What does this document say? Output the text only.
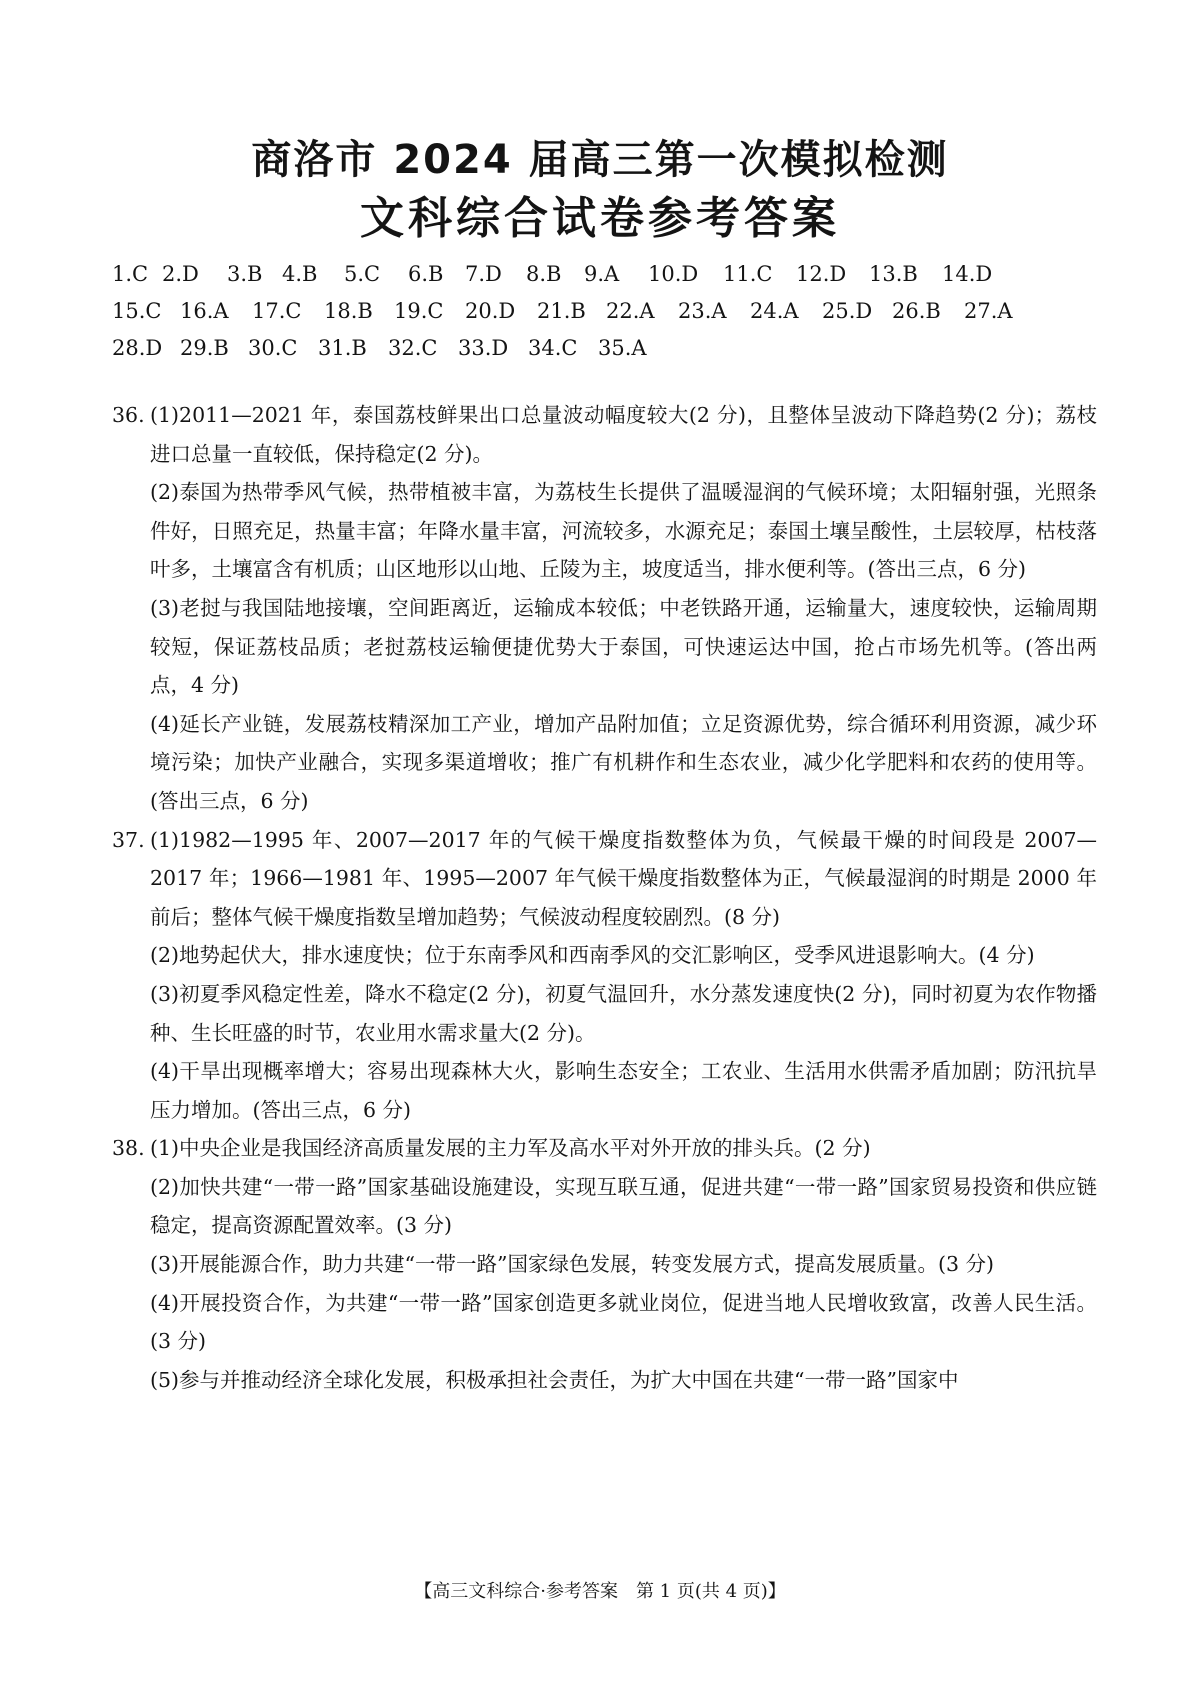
商洛市 2024 届高三第一次模拟检测
文科综合试卷参考答案
1.C 2.D 3.B 4.B 5.C 6.B 7.D 8.B 9.A 10.D 11.C 12.D 13.B 14.D
15.C 16.A 17.C 18.B 19.C 20.D 21.B 22.A 23.A 24.A 25.D 26.B 27.A
28.D 29.B 30.C 31.B 32.C 33.D 34.C 35.A
36. (1)2011—2021 年，泰国荔枝鲜果出口总量波动幅度较大(2 分)，且整体呈波动下降趋势(2 分)；荔枝进口总量一直较低，保持稳定(2 分)。

(2)泰国为热带季风气候，热带植被丰富，为荔枝生长提供了温暖湿润的气候环境；太阳辐射强，光照条件好，日照充足，热量丰富；年降水量丰富，河流较多，水源充足；泰国土壤呈酸性，土层较厚，枯枝落叶多，土壤富含有机质；山区地形以山地、丘陵为主，坡度适当，排水便利等。(答出三点，6 分)

(3)老挝与我国陆地接壤，空间距离近，运输成本较低；中老铁路开通，运输量大，速度较快，运输周期较短，保证荔枝品质；老挝荔枝运输便捷优势大于泰国，可快速运达中国，抢占市场先机等。(答出两点，4 分)

(4)延长产业链，发展荔枝精深加工产业，增加产品附加值；立足资源优势，综合循环利用资源，减少环境污染；加快产业融合，实现多渠道增收；推广有机耕作和生态农业，减少化学肥料和农药的使用等。(答出三点，6 分)

37. (1)1982—1995 年、2007—2017 年的气候干燥度指数整体为负，气候最干燥的时间段是 2007—2017 年；1966—1981 年、1995—2007 年气候干燥度指数整体为正，气候最湿润的时期是 2000 年前后；整体气候干燥度指数呈增加趋势；气候波动程度较剧烈。(8 分)

(2)地势起伏大，排水速度快；位于东南季风和西南季风的交汇影响区，受季风进退影响大。(4 分)

(3)初夏季风稳定性差，降水不稳定(2 分)，初夏气温回升，水分蒸发速度快(2 分)，同时初夏为农作物播种、生长旺盛的时节，农业用水需求量大(2 分)。

(4)干旱出现概率增大；容易出现森林大火，影响生态安全；工农业、生活用水供需矛盾加剧；防汛抗旱压力增加。(答出三点，6 分)

38. (1)中央企业是我国经济高质量发展的主力军及高水平对外开放的排头兵。(2 分)

(2)加快共建“一带一路”国家基础设施建设，实现互联互通，促进共建“一带一路”国家贸易投资和供应链稳定，提高资源配置效率。(3 分)

(3)开展能源合作，助力共建“一带一路”国家绿色发展，转变发展方式，提高发展质量。(3 分)

(4)开展投资合作，为共建“一带一路”国家创造更多就业岗位，促进当地人民增收致富，改善人民生活。(3 分)

(5)参与并推动经济全球化发展，积极承担社会责任，为扩大中国在共建“一带一路”国家中

【高三文科综合·参考答案　第 1 页(共 4 页)】
